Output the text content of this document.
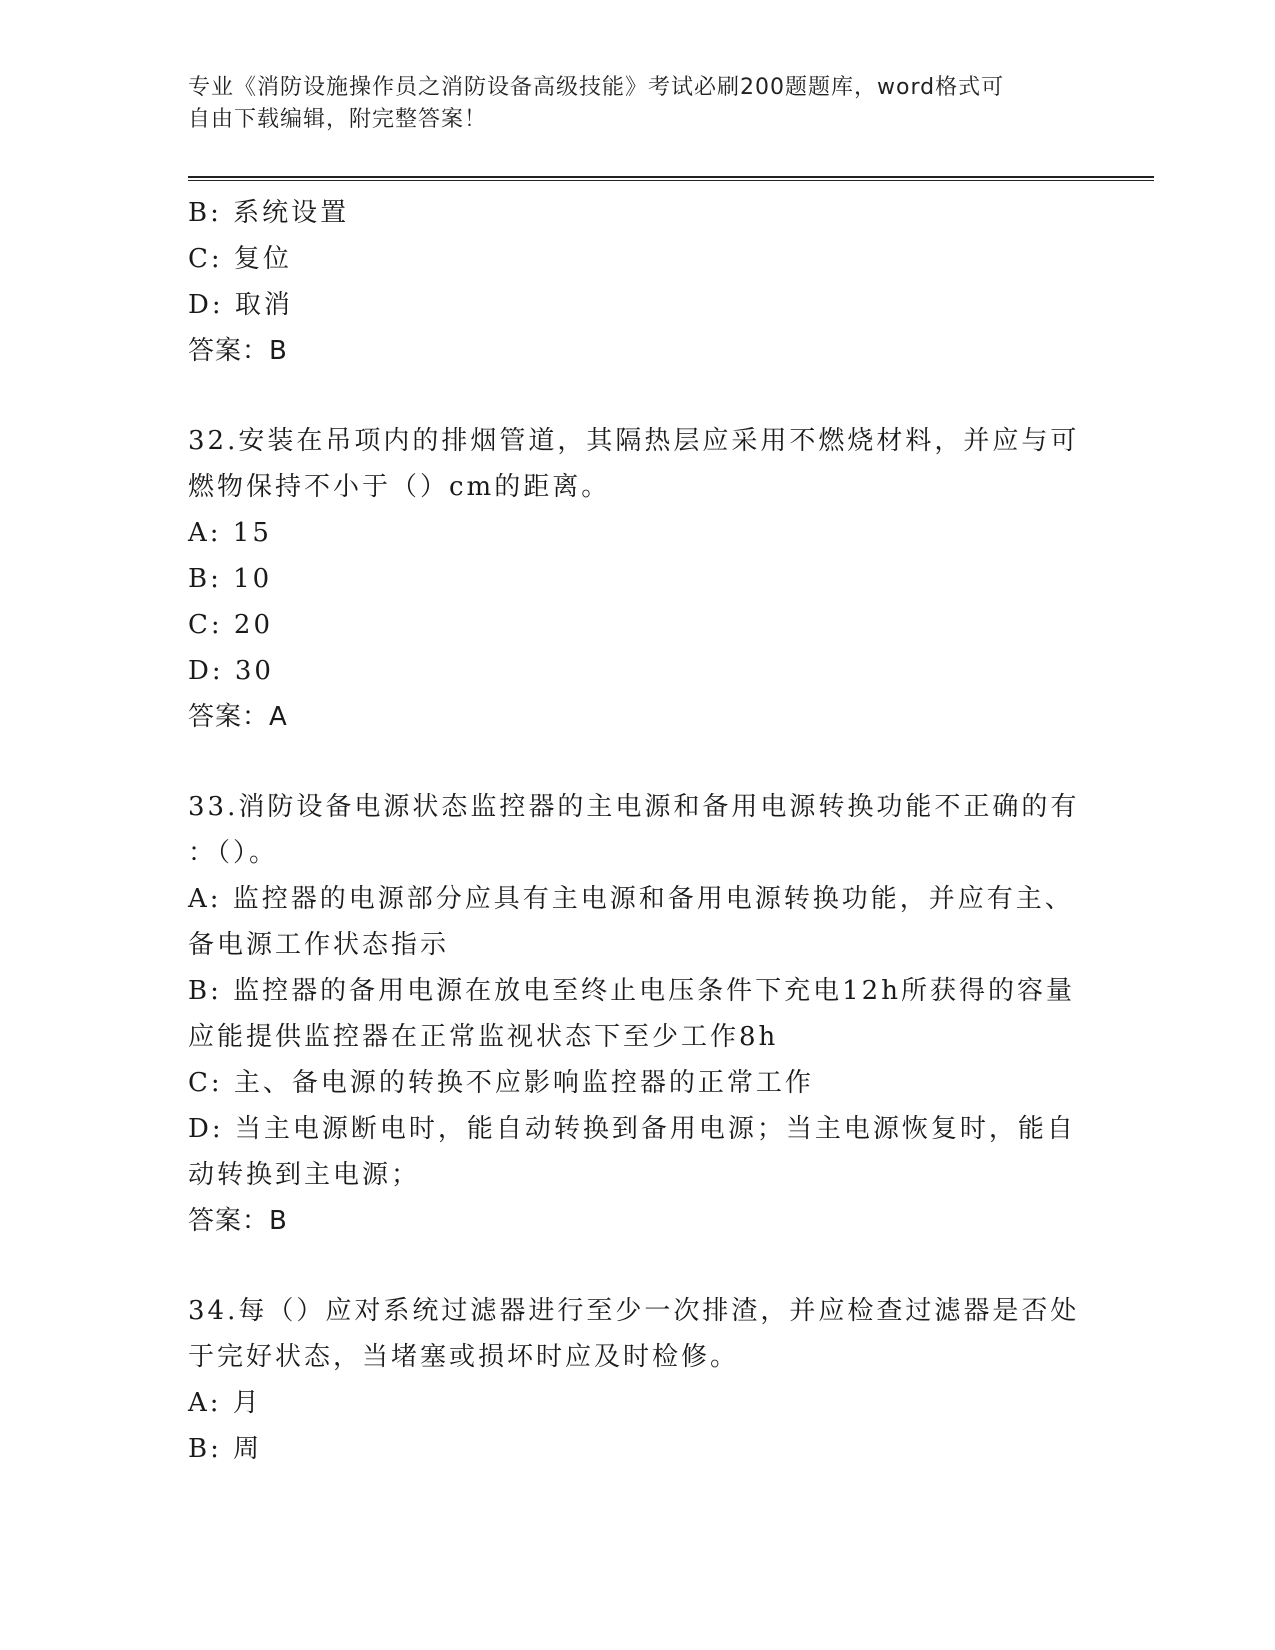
专业《消防设施操作员之消防设备高级技能》考试必刷200题题库，word格式可
自由下载编辑，附完整答案！
B: 系统设置
C: 复位
D: 取消
答案：B
32.安装在吊项内的排烟管道，其隔热层应采用不燃烧材料，并应与可
燃物保持不小于（）cm的距离。
A: 15
B: 10
C: 20
D: 30
答案：A
33.消防设备电源状态监控器的主电源和备用电源转换功能不正确的有
：（）。
A: 监控器的电源部分应具有主电源和备用电源转换功能，并应有主、
备电源工作状态指示
B: 监控器的备用电源在放电至终止电压条件下充电12h所获得的容量
应能提供监控器在正常监视状态下至少工作8h
C: 主、备电源的转换不应影响监控器的正常工作
D: 当主电源断电时，能自动转换到备用电源；当主电源恢复时，能自
动转换到主电源；
答案：B
34.每（）应对系统过滤器进行至少一次排渣，并应检查过滤器是否处
于完好状态，当堵塞或损坏时应及时检修。
A: 月
B: 周
